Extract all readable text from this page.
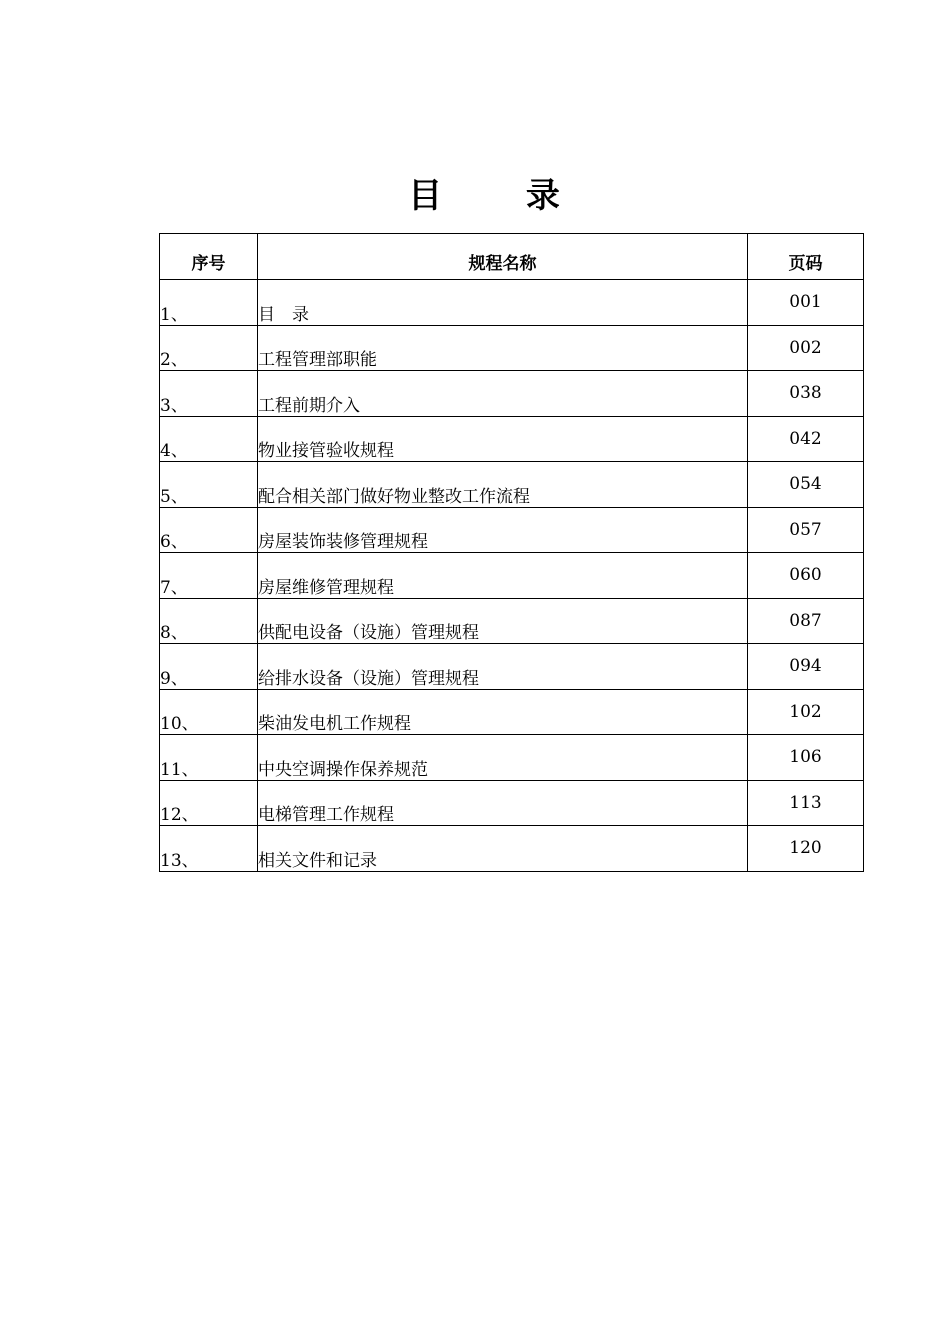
目 录
序号	规程名称	页码
1、	目　录	001
2、	工程管理部职能	002
3、	工程前期介入	038
4、	物业接管验收规程	042
5、	配合相关部门做好物业整改工作流程	054
6、	房屋装饰装修管理规程	057
7、	房屋维修管理规程	060
8、	供配电设备（设施）管理规程	087
9、	给排水设备（设施）管理规程	094
10、	柴油发电机工作规程	102
11、	中央空调操作保养规范	106
12、	电梯管理工作规程	113
13、	相关文件和记录	120
